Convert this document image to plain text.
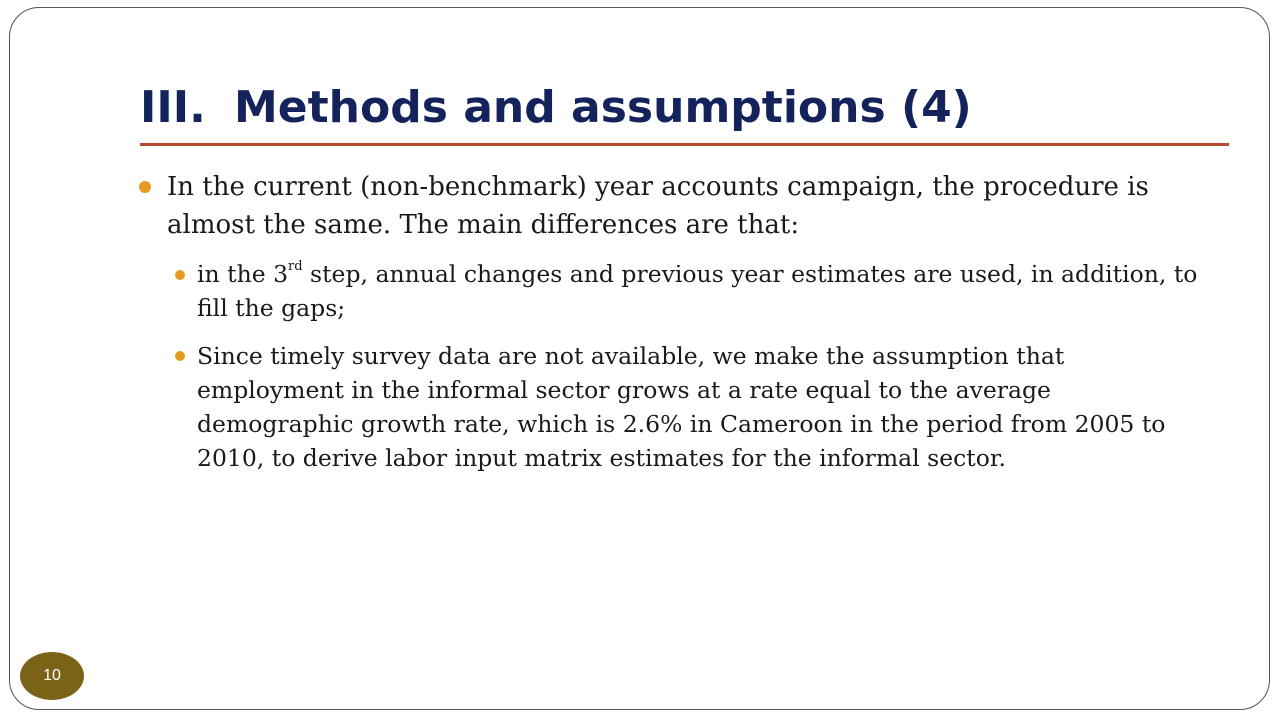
III. Methods and assumptions (4)
In the current (non-benchmark) year accounts campaign, the procedure is almost the same. The main differences are that:
in the 3rd step, annual changes and previous year estimates are used, in addition, to fill the gaps;
Since timely survey data are not available, we make the assumption that employment in the informal sector grows at a rate equal to the average demographic growth rate, which is 2.6% in Cameroon in the period from 2005 to 2010, to derive labor input matrix estimates for the informal sector.
10
